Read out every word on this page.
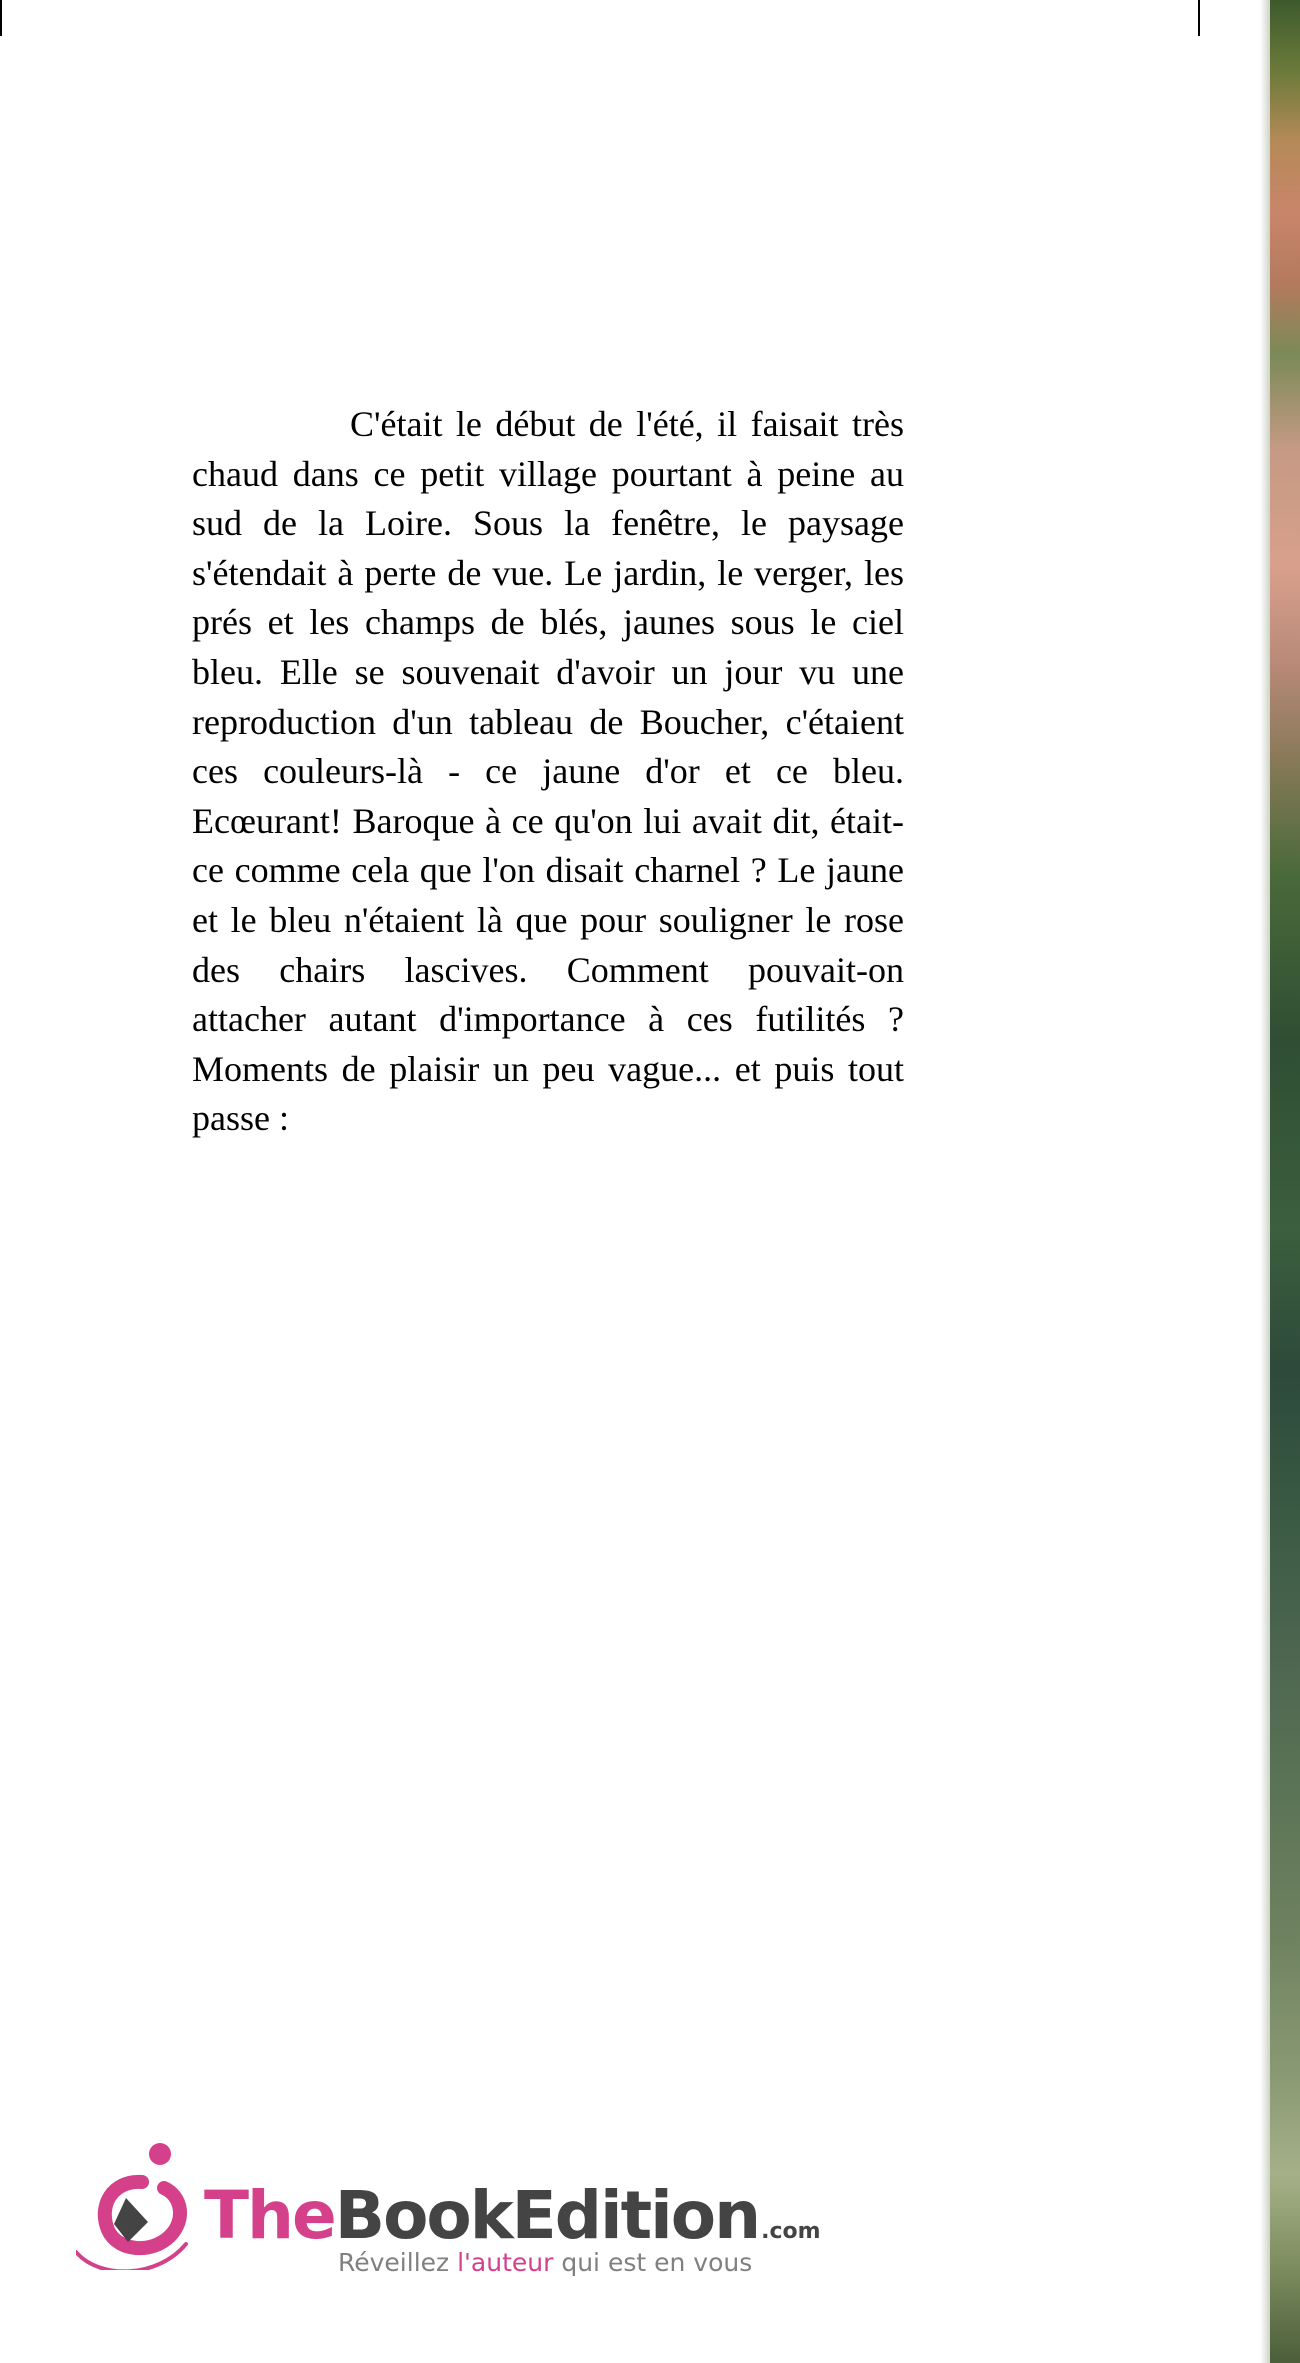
C'était le début de l'été, il faisait très chaud dans ce petit village pourtant à peine au sud de la Loire. Sous la fenêtre, le paysage s'étendait à perte de vue. Le jardin, le verger, les prés et les champs de blés, jaunes sous le ciel bleu. Elle se souvenait d'avoir un jour vu une reproduction d'un tableau de Boucher, c'étaient ces couleurs-là - ce jaune d'or et ce bleu. Ecœurant! Baroque à ce qu'on lui avait dit, était-ce comme cela que l'on disait charnel ? Le jaune et le bleu n'étaient là que pour souligner le rose des chairs lascives. Comment pouvait-on attacher autant d'importance à ces futilités ? Moments de plaisir un peu vague... et puis tout passe :

TheBookEdition.com
Réveillez l'auteur qui est en vous
